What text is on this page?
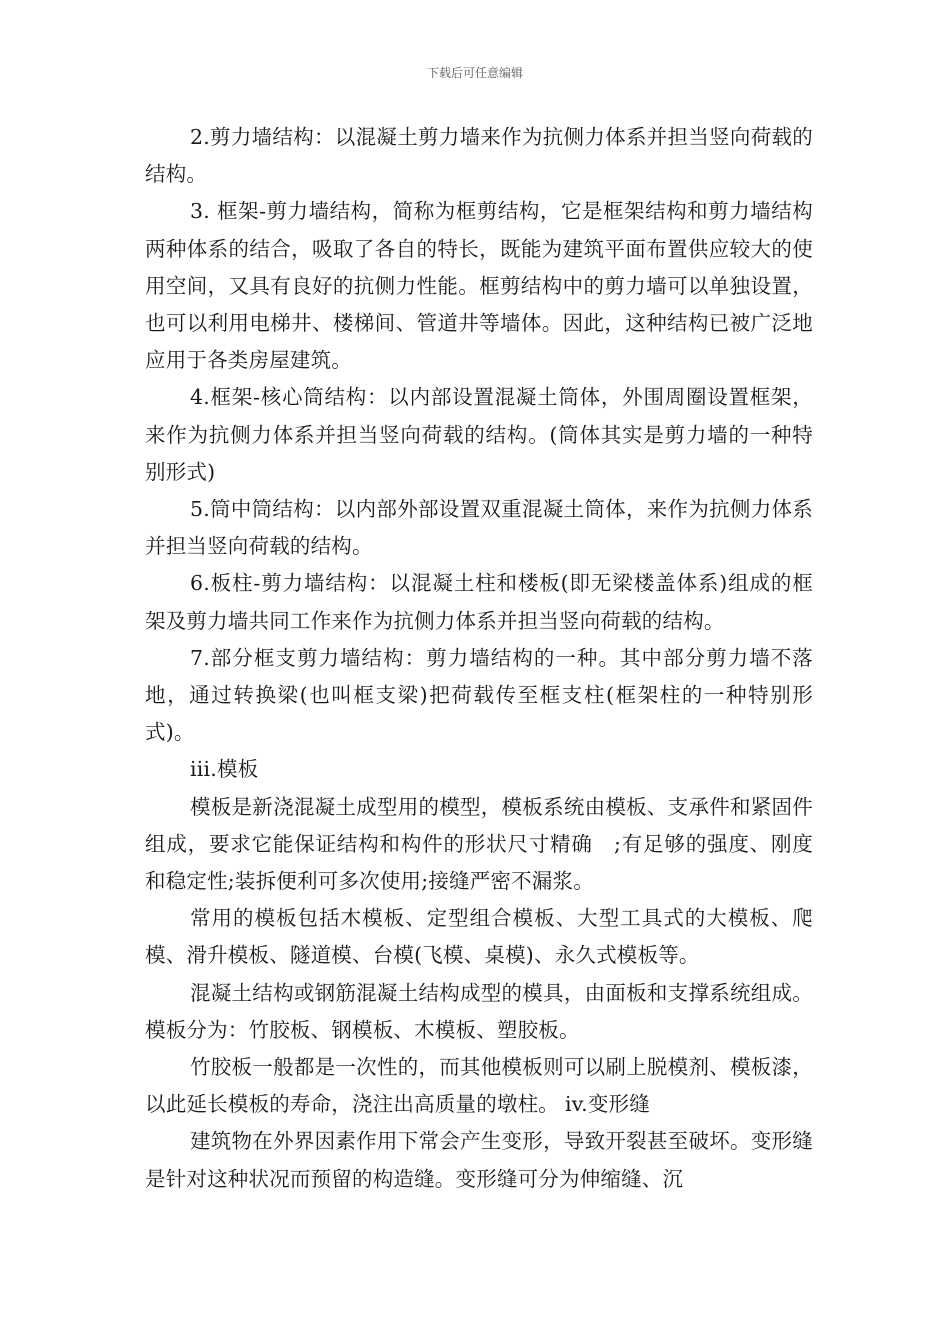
下载后可任意编辑

2.剪力墙结构：以混凝土剪力墙来作为抗侧力体系并担当竖向荷载的结构。

3. 框架-剪力墙结构，简称为框剪结构，它是框架结构和剪力墙结构两种体系的结合，吸取了各自的特长，既能为建筑平面布置供应较大的使用空间，又具有良好的抗侧力性能。框剪结构中的剪力墙可以单独设置，也可以利用电梯井、楼梯间、管道井等墙体。因此，这种结构已被广泛地应用于各类房屋建筑。

4.框架-核心筒结构：以内部设置混凝土筒体，外围周圈设置框架，来作为抗侧力体系并担当竖向荷载的结构。(筒体其实是剪力墙的一种特别形式)

5.筒中筒结构：以内部外部设置双重混凝土筒体，来作为抗侧力体系并担当竖向荷载的结构。

6.板柱-剪力墙结构：以混凝土柱和楼板(即无梁楼盖体系)组成的框架及剪力墙共同工作来作为抗侧力体系并担当竖向荷载的结构。

7.部分框支剪力墙结构：剪力墙结构的一种。其中部分剪力墙不落地，通过转换梁(也叫框支梁)把荷载传至框支柱(框架柱的一种特别形式)。

iii.模板

模板是新浇混凝土成型用的模型，模板系统由模板、支承件和紧固件组成，要求它能保证结构和构件的形状尺寸精确　;有足够的强度、刚度和稳定性;装拆便利可多次使用;接缝严密不漏浆。

常用的模板包括木模板、定型组合模板、大型工具式的大模板、爬模、滑升模板、隧道模、台模(飞模、桌模)、永久式模板等。

混凝土结构或钢筋混凝土结构成型的模具，由面板和支撑系统组成。 模板分为：竹胶板、钢模板、木模板、塑胶板。

竹胶板一般都是一次性的，而其他模板则可以刷上脱模剂、模板漆，以此延长模板的寿命，浇注出高质量的墩柱。 iv.变形缝

建筑物在外界因素作用下常会产生变形，导致开裂甚至破坏。变形缝是针对这种状况而预留的构造缝。变形缝可分为伸缩缝、沉
